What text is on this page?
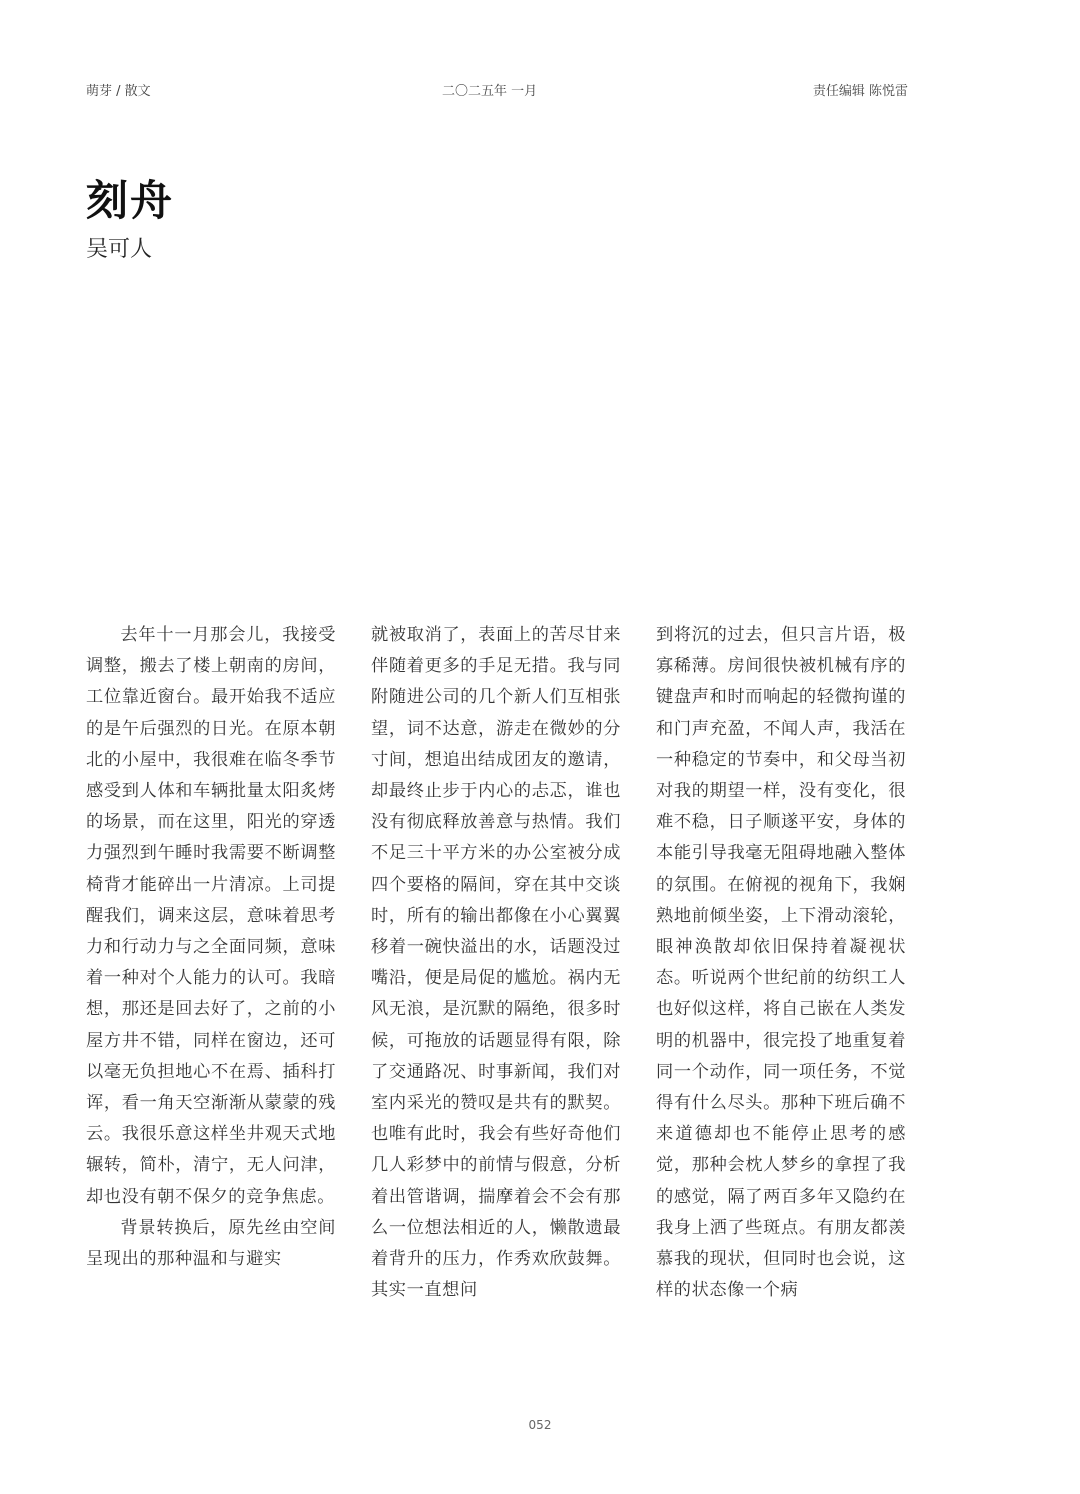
萌芽 / 散文	二〇二五年 一月	责任编辑 陈悦雷
刻舟

吴可人

去年十一月那会儿，我接受调整，搬去了楼上朝南的房间，工位靠近窗台。最开始我不适应的是午后强烈的日光。在原本朝北的小屋中，我很难在临冬季节感受到人体和车辆批量太阳炙烤的场景，而在这里，阳光的穿透力强烈到午睡时我需要不断调整椅背才能碎出一片清凉。上司提醒我们，调来这层，意味着思考力和行动力与之全面同频，意味着一种对个人能力的认可。我暗想，那还是回去好了，之前的小屋方井不错，同样在窗边，还可以毫无负担地心不在焉、插科打诨，看一角天空渐渐从蒙蒙的残云。我很乐意这样坐井观天式地辗转，简朴，清宁，无人问津，却也没有朝不保夕的竞争焦虑。

背景转换后，原先丝由空间呈现出的那种温和与避实

就被取消了，表面上的苦尽甘来伴随着更多的手足无措。我与同附随进公司的几个新人们互相张望，词不达意，游走在微妙的分寸间，想追出结成团友的邀请，却最终止步于内心的忐忑，谁也没有彻底释放善意与热情。我们不足三十平方米的办公室被分成四个要格的隔间，穿在其中交谈时，所有的输出都像在小心翼翼移着一碗快溢出的水，话题没过嘴沿，便是局促的尴尬。祸内无风无浪，是沉默的隔绝，很多时候，可拖放的话题显得有限，除了交通路况、时事新闻，我们对室内采光的赞叹是共有的默契。也唯有此时，我会有些好奇他们几人彩梦中的前情与假意，分析着出管谐调，揣摩着会不会有那么一位想法相近的人，懒散遗最着背升的压力，作秀欢欣鼓舞。其实一直想问

到将沉的过去，但只言片语，极寡稀薄。房间很快被机械有序的键盘声和时而响起的轻微拘谨的和门声充盈，不闻人声，我活在一种稳定的节奏中，和父母当初对我的期望一样，没有变化，很难不稳，日子顺遂平安，身体的本能引导我毫无阻碍地融入整体的氛围。在俯视的视角下，我娴熟地前倾坐姿，上下滑动滚轮，眼神涣散却依旧保持着凝视状态。听说两个世纪前的纺织工人也好似这样，将自己嵌在人类发明的机器中，很完投了地重复着同一个动作，同一项任务，不觉得有什么尽头。那种下班后确不来道德却也不能停止思考的感觉，那种会枕人梦乡的拿捏了我的感觉，隔了两百多年又隐约在我身上洒了些斑点。有朋友都羡慕我的现状，但同时也会说，这样的状态像一个病

052
